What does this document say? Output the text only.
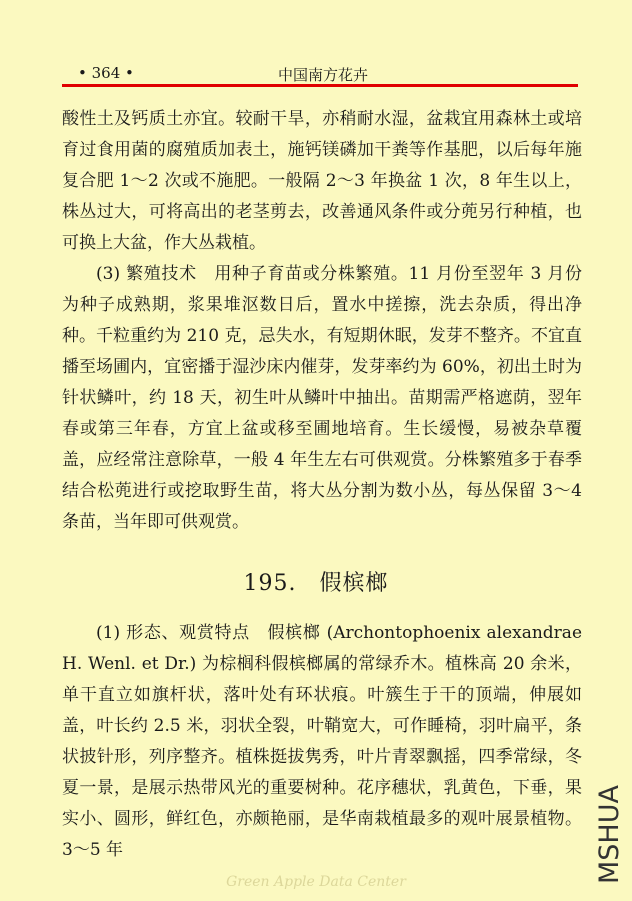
• 364 •	中国南方花卉

酸性土及钙质土亦宜。较耐干旱，亦稍耐水湿，盆栽宜用森林土或培育过食用菌的腐殖质加表土，施钙镁磷加干粪等作基肥，以后每年施复合肥 1～2 次或不施肥。一般隔 2～3 年换盆 1 次，8 年生以上，株丛过大，可将高出的老茎剪去，改善通风条件或分蔸另行种植，也可换上大盆，作大丛栽植。

(3) 繁殖技术　用种子育苗或分株繁殖。11 月份至翌年 3 月份为种子成熟期，浆果堆沤数日后，置水中搓擦，洗去杂质，得出净种。千粒重约为 210 克，忌失水，有短期休眠，发芽不整齐。不宜直播至场圃内，宜密播于湿沙床内催芽，发芽率约为 60%，初出土时为针状鳞叶，约 18 天，初生叶从鳞叶中抽出。苗期需严格遮荫，翌年春或第三年春，方宜上盆或移至圃地培育。生长缓慢，易被杂草覆盖，应经常注意除草，一般 4 年生左右可供观赏。分株繁殖多于春季结合松蔸进行或挖取野生苗，将大丛分割为数小丛，每丛保留 3～4 条苗，当年即可供观赏。

195.　假槟榔

(1) 形态、观赏特点　假槟榔 (Archontophoenix alexandrae H. Wenl. et Dr.) 为棕榈科假槟榔属的常绿乔木。植株高 20 余米，单干直立如旗杆状，落叶处有环状痕。叶簇生于干的顶端，伸展如盖，叶长约 2.5 米，羽状全裂，叶鞘宽大，可作睡椅，羽叶扁平，条状披针形，列序整齐。植株挺拔隽秀，叶片青翠飘摇，四季常绿，冬夏一景，是展示热带风光的重要树种。花序穗状，乳黄色，下垂，果实小、圆形，鲜红色，亦颇艳丽，是华南栽植最多的观叶展景植物。3～5 年	MSHUA
Green Apple Data Center
